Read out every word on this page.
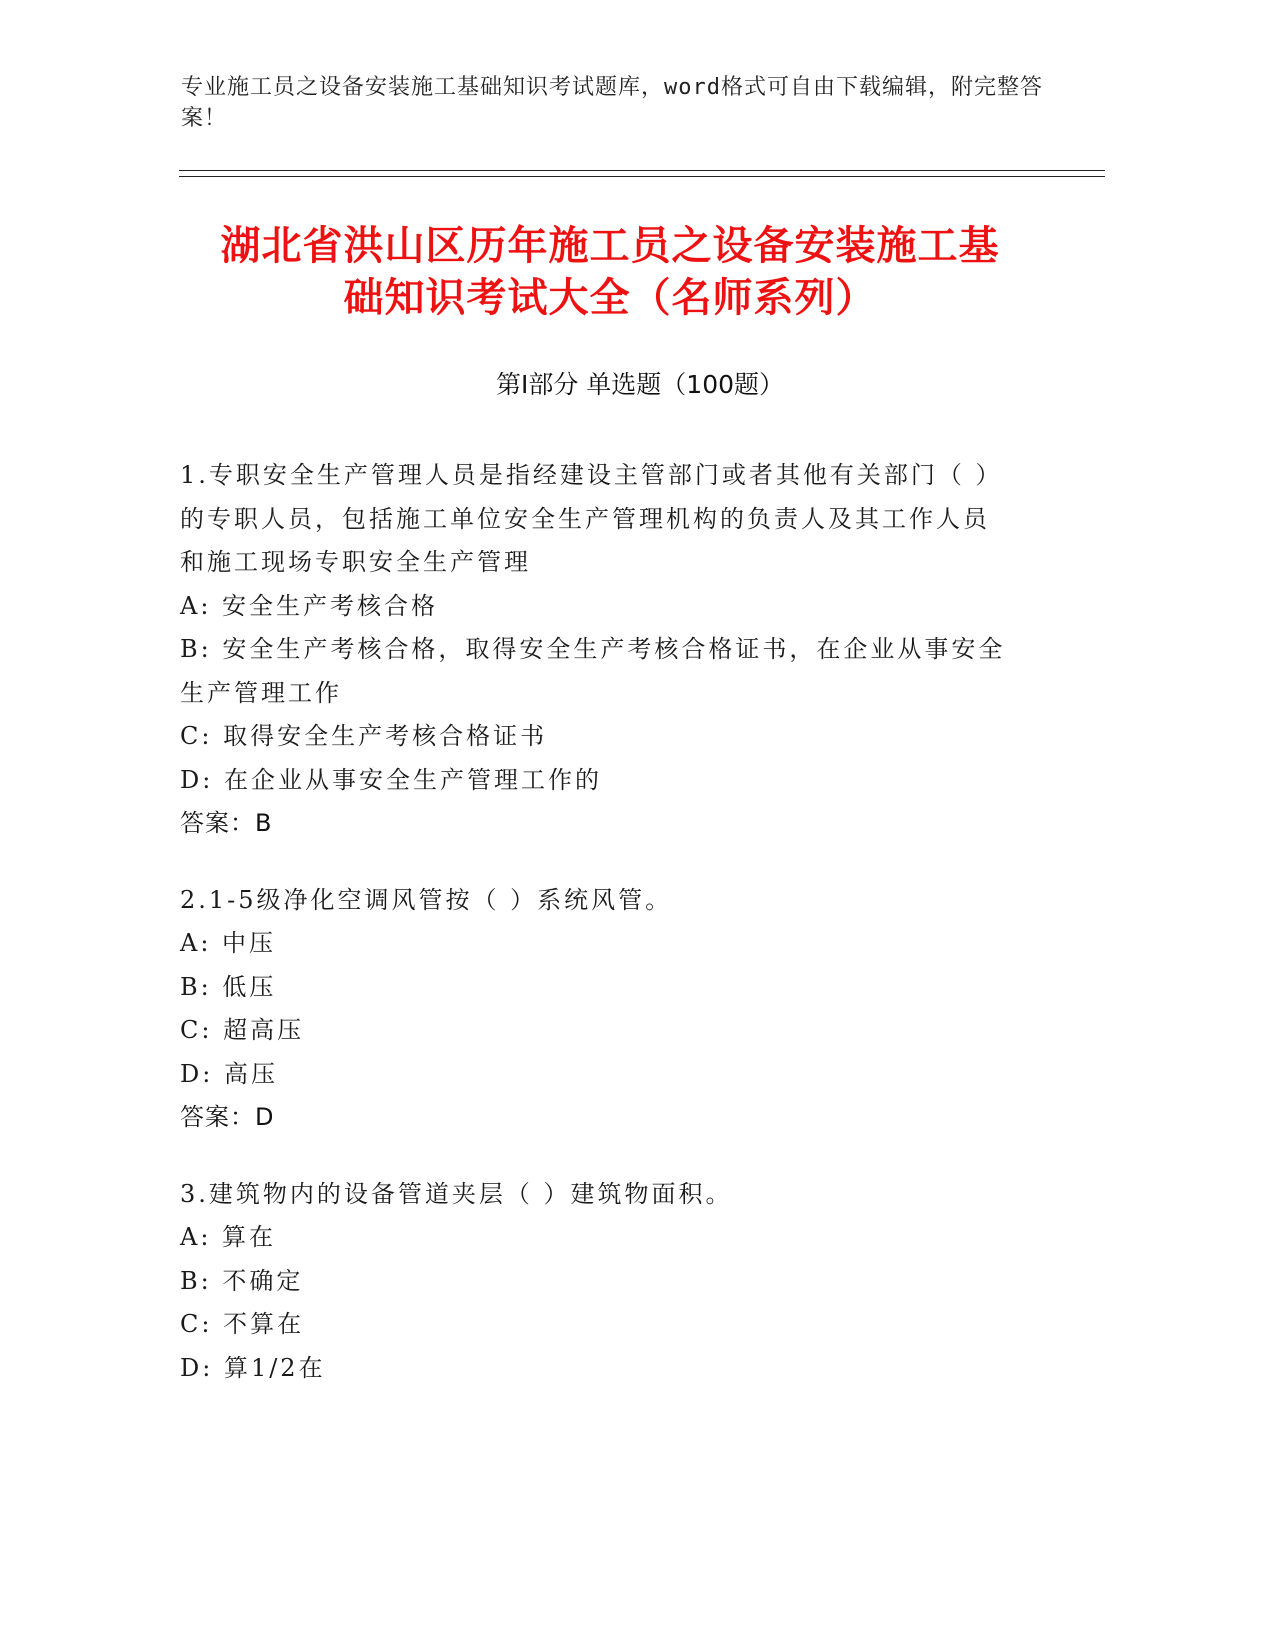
专业施工员之设备安装施工基础知识考试题库，word格式可自由下载编辑，附完整答案！
湖北省洪山区历年施工员之设备安装施工基
础知识考试大全（名师系列）
第Ⅰ部分 单选题（100题）
1.专职安全生产管理人员是指经建设主管部门或者其他有关部门（ ）
的专职人员，包括施工单位安全生产管理机构的负责人及其工作人员
和施工现场专职安全生产管理
A: 安全生产考核合格
B: 安全生产考核合格，取得安全生产考核合格证书，在企业从事安全
生产管理工作
C: 取得安全生产考核合格证书
D: 在企业从事安全生产管理工作的
答案：B
2.1-5级净化空调风管按（ ）系统风管。
A: 中压
B: 低压
C: 超高压
D: 高压
答案：D
3.建筑物内的设备管道夹层（ ）建筑物面积。
A: 算在
B: 不确定
C: 不算在
D: 算1/2在
